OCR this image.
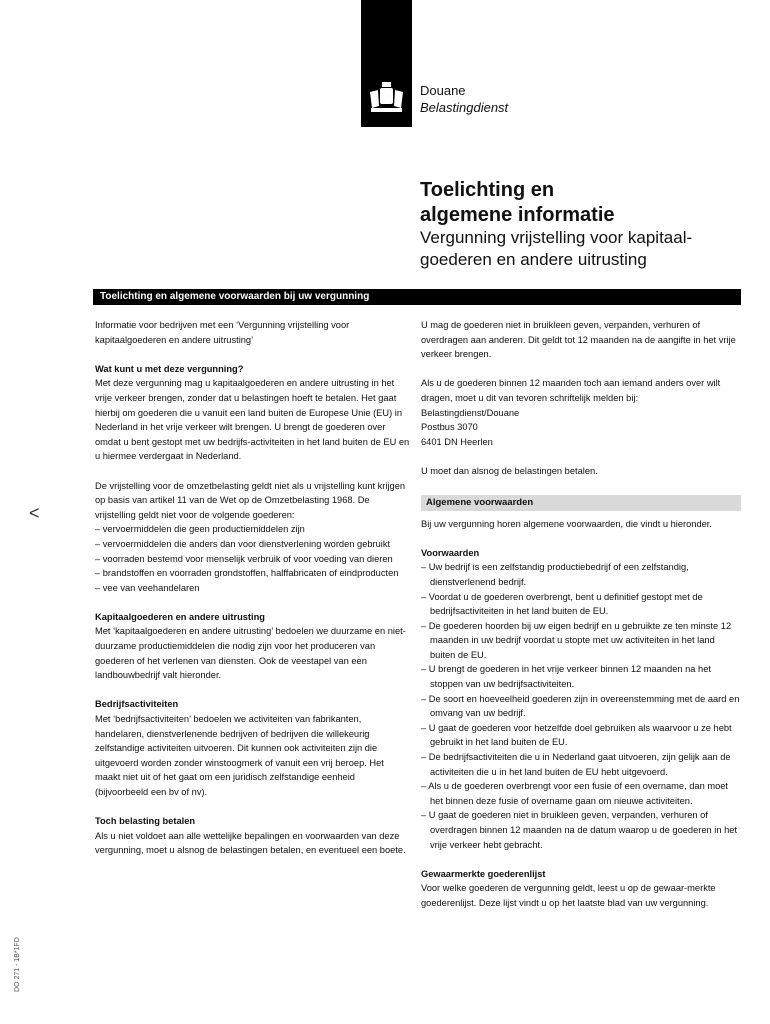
Douane
Belastingdienst
Toelichting en
algemene informatie
Vergunning vrijstelling voor kapitaal-
goederen en andere uitrusting
Toelichting en algemene voorwaarden bij uw vergunning

Informatie voor bedrijven met een ‘Vergunning vrijstelling voor kapitaalgoederen en andere uitrusting’

Wat kunt u met deze vergunning?

Met deze vergunning mag u kapitaalgoederen en andere uitrusting in het vrije verkeer brengen, zonder dat u belastingen hoeft te betalen. Het gaat hierbij om goederen die u vanuit een land buiten de Europese Unie (EU) in Nederland in het vrije verkeer wilt brengen. U brengt de goederen over omdat u bent gestopt met uw bedrijfs-activiteiten in het land buiten de EU en u hiermee verdergaat in Nederland.

De vrijstelling voor de omzetbelasting geldt niet als u vrijstelling kunt krijgen op basis van artikel 11 van de Wet op de Omzetbelasting 1968. De vrijstelling geldt niet voor de volgende goederen:
– vervoermiddelen die geen productiemiddelen zijn
– vervoermiddelen die anders dan voor dienstverlening worden gebruikt
– voorraden bestemd voor menselijk verbruik of voor voeding van dieren
– brandstoffen en voorraden grondstoffen, halffabricaten of eindproducten
– vee van veehandelaren
Kapitaalgoederen en andere uitrusting

Met ‘kapitaalgoederen en andere uitrusting’ bedoelen we duurzame en niet-duurzame productiemiddelen die nodig zijn voor het produceren van goederen of het verlenen van diensten. Ook de veestapel van een landbouwbedrijf valt hieronder.

Bedrijfsactiviteiten

Met ‘bedrijfsactiviteiten’ bedoelen we activiteiten van fabrikanten, handelaren, dienstverlenende bedrijven of bedrijven die willekeurig zelfstandige activiteiten uitvoeren. Dit kunnen ook activiteiten zijn die uitgevoerd worden zonder winstoogmerk of vanuit een vrij beroep. Het maakt niet uit of het gaat om een juridisch zelfstandige eenheid (bijvoorbeeld een bv of nv).

Toch belasting betalen

Als u niet voldoet aan alle wettelijke bepalingen en voorwaarden van deze vergunning, moet u alsnog de belastingen betalen, en eventueel een boete.

U mag de goederen niet in bruikleen geven, verpanden, verhuren of overdragen aan anderen. Dit geldt tot 12 maanden na de aangifte in het vrije verkeer brengen.

Als u de goederen binnen 12 maanden toch aan iemand anders over wilt dragen, moet u dit van tevoren schriftelijk melden bij:
Belastingdienst/Douane
Postbus 3070

6401 DN Heerlen

U moet dan alsnog de belastingen betalen.

Algemene voorwaarden

Bij uw vergunning horen algemene voorwaarden, die vindt u hieronder.

Voorwaarden
– Uw bedrijf is een zelfstandig productiebedrijf of een zelfstandig, dienstverlenend bedrijf.
– Voordat u de goederen overbrengt, bent u definitief gestopt met de bedrijfsactiviteiten in het land buiten de EU.
– De goederen hoorden bij uw eigen bedrijf en u gebruikte ze ten minste 12 maanden in uw bedrijf voordat u stopte met uw activiteiten in het land buiten de EU.
– U brengt de goederen in het vrije verkeer binnen 12 maanden na het stoppen van uw bedrijfsactiviteiten.
– De soort en hoeveelheid goederen zijn in overeenstemming met de aard en omvang van uw bedrijf.
– U gaat de goederen voor hetzelfde doel gebruiken als waarvoor u ze hebt gebruikt in het land buiten de EU.
– De bedrijfsactiviteiten die u in Nederland gaat uitvoeren, zijn gelijk aan de activiteiten die u in het land buiten de EU hebt uitgevoerd.
– Als u de goederen overbrengt voor een fusie of een overname, dan moet het binnen deze fusie of overname gaan om nieuwe activiteiten.
– U gaat de goederen niet in bruikleen geven, verpanden, verhuren of overdragen binnen 12 maanden na de datum waarop u de goederen in het vrije verkeer hebt gebracht.
Gewaarmerkte goederenlijst

Voor welke goederen de vergunning geldt, leest u op de gewaar-merkte goederenlijst. Deze lijst vindt u op het laatste blad van uw vergunning.

<
DO 271 - 1B*1FD
